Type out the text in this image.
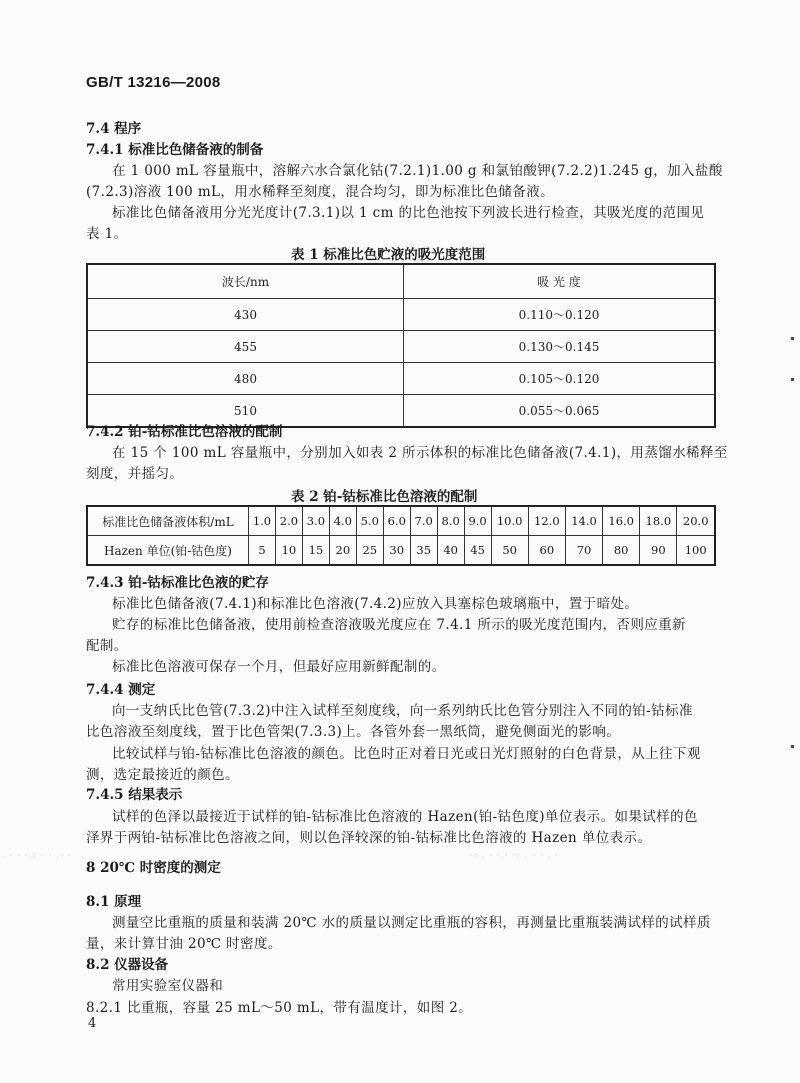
GB/T 13216—2008
7.4 程序
7.4.1 标准比色储备液的制备
在 1 000 mL 容量瓶中，溶解六水合氯化钴(7.2.1)1.00 g 和氯铂酸钾(7.2.2)1.245 g，加入盐酸
(7.2.3)溶液 100 mL，用水稀释至刻度，混合均匀，即为标准比色储备液。
标准比色储备液用分光光度计(7.3.1)以 1 cm 的比色池按下列波长进行检查，其吸光度的范围见
表 1。
表 1 标准比色贮液的吸光度范围
波长/nm	吸 光 度
430	0.110～0.120
455	0.130～0.145
480	0.105～0.120
510	0.055～0.065
7.4.2 铂-钴标准比色溶液的配制
在 15 个 100 mL 容量瓶中，分别加入如表 2 所示体积的标准比色储备液(7.4.1)，用蒸馏水稀释至
刻度，并摇匀。
表 2 铂-钴标准比色溶液的配制
标准比色储备液体积/mL	1.0	2.0	3.0	4.0	5.0	6.0	7.0	8.0	9.0	10.0	12.0	14.0	16.0	18.0	20.0
Hazen 单位(铂-钴色度)	5	10	15	20	25	30	35	40	45	50	60	70	80	90	100
7.4.3 铂-钴标准比色液的贮存
标准比色储备液(7.4.1)和标准比色溶液(7.4.2)应放入具塞棕色玻璃瓶中，置于暗处。
贮存的标准比色储备液，使用前检查溶液吸光度应在 7.4.1 所示的吸光度范围内，否则应重新
配制。
标准比色溶液可保存一个月，但最好应用新鲜配制的。
7.4.4 测定
向一支纳氏比色管(7.3.2)中注入试样至刻度线，向一系列纳氏比色管分别注入不同的铂-钴标准
比色溶液至刻度线，置于比色管架(7.3.3)上。各管外套一黑纸筒，避免侧面光的影响。
比较试样与铂-钴标准比色溶液的颜色。比色时正对着日光或日光灯照射的白色背景，从上往下观
测，选定最接近的颜色。
7.4.5 结果表示
试样的色泽以最接近于试样的铂-钴标准比色溶液的 Hazen(铂-钴色度)单位表示。如果试样的色
泽界于两铂-钴标准比色溶液之间，则以色泽较深的铂-钴标准比色溶液的 Hazen 单位表示。
. · · ·.: · · .· ·	·: . · ·.· ·: . · · . ·
8 20℃ 时密度的测定
8.1 原理
测量空比重瓶的质量和装满 20℃ 水的质量以测定比重瓶的容积，再测量比重瓶装满试样的试样质
量，来计算甘油 20℃ 时密度。
8.2 仪器设备
常用实验室仪器和
8.2.1 比重瓶，容量 25 mL～50 mL，带有温度计，如图 2。
4
